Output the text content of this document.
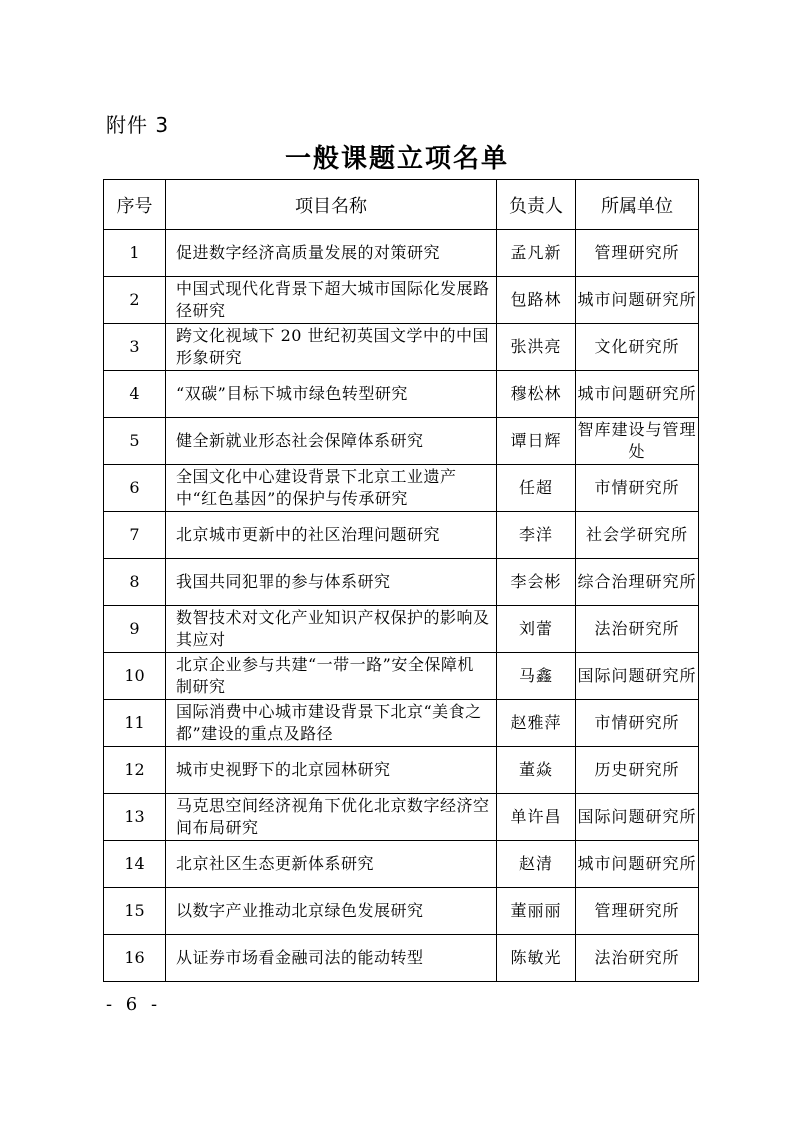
附件 3
一般课题立项名单
序号	项目名称	负责人	所属单位
1	促进数字经济高质量发展的对策研究	孟凡新	管理研究所
2	中国式现代化背景下超大城市国际化发展路径研究	包路林	城市问题研究所
3	跨文化视域下 20 世纪初英国文学中的中国形象研究	张洪亮	文化研究所
4	“双碳”目标下城市绿色转型研究	穆松林	城市问题研究所
5	健全新就业形态社会保障体系研究	谭日辉	智库建设与管理处
6	全国文化中心建设背景下北京工业遗产中“红色基因”的保护与传承研究	任超	市情研究所
7	北京城市更新中的社区治理问题研究	李洋	社会学研究所
8	我国共同犯罪的参与体系研究	李会彬	综合治理研究所
9	数智技术对文化产业知识产权保护的影响及其应对	刘蕾	法治研究所
10	北京企业参与共建“一带一路”安全保障机制研究	马鑫	国际问题研究所
11	国际消费中心城市建设背景下北京“美食之都”建设的重点及路径	赵雅萍	市情研究所
12	城市史视野下的北京园林研究	董焱	历史研究所
13	马克思空间经济视角下优化北京数字经济空间布局研究	单许昌	国际问题研究所
14	北京社区生态更新体系研究	赵清	城市问题研究所
15	以数字产业推动北京绿色发展研究	董丽丽	管理研究所
16	从证券市场看金融司法的能动转型	陈敏光	法治研究所
- 6 -
